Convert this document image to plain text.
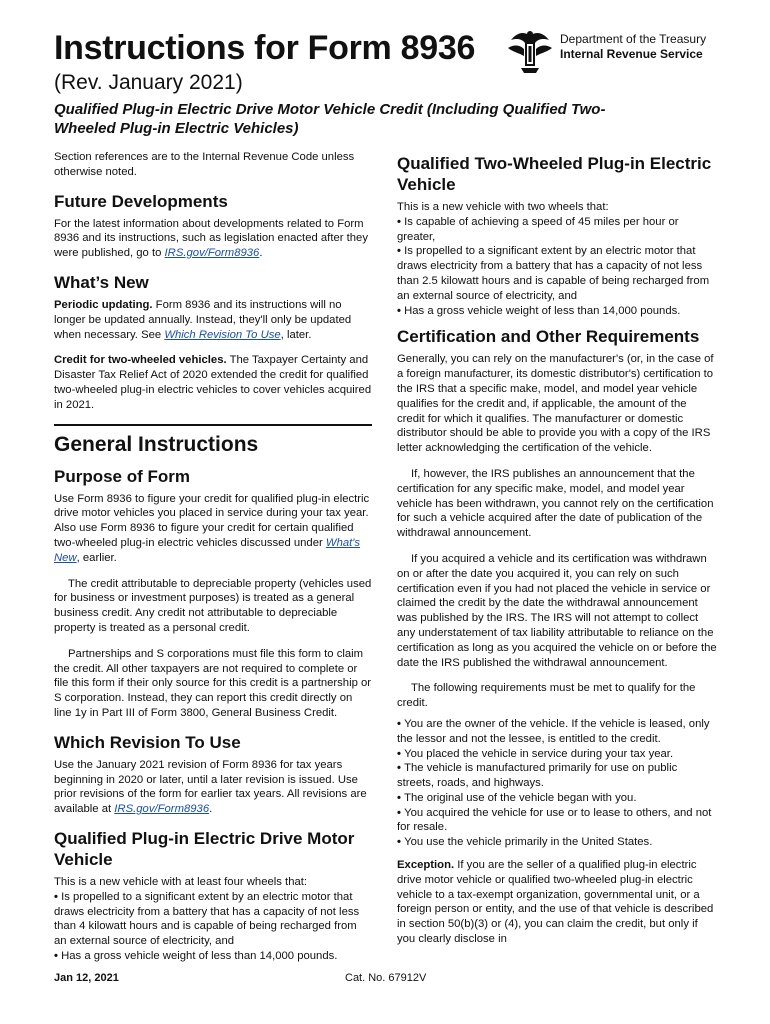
Instructions for Form 8936
(Rev. January 2021)
Qualified Plug-in Electric Drive Motor Vehicle Credit (Including Qualified Two-Wheeled Plug-in Electric Vehicles)
Department of the Treasury
Internal Revenue Service

Section references are to the Internal Revenue Code unless otherwise noted.

Future Developments

For the latest information about developments related to Form 8936 and its instructions, such as legislation enacted after they were published, go to IRS.gov/Form8936.

What’s New

Periodic updating. Form 8936 and its instructions will no longer be updated annually. Instead, they'll only be updated when necessary. See Which Revision To Use, later.

Credit for two-wheeled vehicles. The Taxpayer Certainty and Disaster Tax Relief Act of 2020 extended the credit for qualified two-wheeled plug-in electric vehicles to cover vehicles acquired in 2021.

General Instructions
Purpose of Form

Use Form 8936 to figure your credit for qualified plug-in electric drive motor vehicles you placed in service during your tax year. Also use Form 8936 to figure your credit for certain qualified two-wheeled plug-in electric vehicles discussed under What's New, earlier.

The credit attributable to depreciable property (vehicles used for business or investment purposes) is treated as a general business credit. Any credit not attributable to depreciable property is treated as a personal credit.

Partnerships and S corporations must file this form to claim the credit. All other taxpayers are not required to complete or file this form if their only source for this credit is a partnership or S corporation. Instead, they can report this credit directly on line 1y in Part III of Form 3800, General Business Credit.

Which Revision To Use

Use the January 2021 revision of Form 8936 for tax years beginning in 2020 or later, until a later revision is issued. Use prior revisions of the form for earlier tax years. All revisions are available at IRS.gov/Form8936.

Qualified Plug-in Electric Drive Motor Vehicle
This is a new vehicle with at least four wheels that:
• Is propelled to a significant extent by an electric motor that draws electricity from a battery that has a capacity of not less than 4 kilowatt hours and is capable of being recharged from an external source of electricity, and
• Has a gross vehicle weight of less than 14,000 pounds.
Qualified Two-Wheeled Plug-in Electric Vehicle
This is a new vehicle with two wheels that:
• Is capable of achieving a speed of 45 miles per hour or greater,
• Is propelled to a significant extent by an electric motor that draws electricity from a battery that has a capacity of not less than 2.5 kilowatt hours and is capable of being recharged from an external source of electricity, and
• Has a gross vehicle weight of less than 14,000 pounds.
Certification and Other Requirements

Generally, you can rely on the manufacturer's (or, in the case of a foreign manufacturer, its domestic distributor's) certification to the IRS that a specific make, model, and model year vehicle qualifies for the credit and, if applicable, the amount of the credit for which it qualifies. The manufacturer or domestic distributor should be able to provide you with a copy of the IRS letter acknowledging the certification of the vehicle.

If, however, the IRS publishes an announcement that the certification for any specific make, model, and model year vehicle has been withdrawn, you cannot rely on the certification for such a vehicle acquired after the date of publication of the withdrawal announcement.

If you acquired a vehicle and its certification was withdrawn on or after the date you acquired it, you can rely on such certification even if you had not placed the vehicle in service or claimed the credit by the date the withdrawal announcement was published by the IRS. The IRS will not attempt to collect any understatement of tax liability attributable to reliance on the certification as long as you acquired the vehicle on or before the date the IRS published the withdrawal announcement.

The following requirements must be met to qualify for the credit.

• You are the owner of the vehicle. If the vehicle is leased, only the lessor and not the lessee, is entitled to the credit.
• You placed the vehicle in service during your tax year.
• The vehicle is manufactured primarily for use on public streets, roads, and highways.
• The original use of the vehicle began with you.
• You acquired the vehicle for use or to lease to others, and not for resale.
• You use the vehicle primarily in the United States.

Exception. If you are the seller of a qualified plug-in electric drive motor vehicle or qualified two-wheeled plug-in electric vehicle to a tax-exempt organization, governmental unit, or a foreign person or entity, and the use of that vehicle is described in section 50(b)(3) or (4), you can claim the credit, but only if you clearly disclose in

Jan 12, 2021	Cat. No. 67912V
